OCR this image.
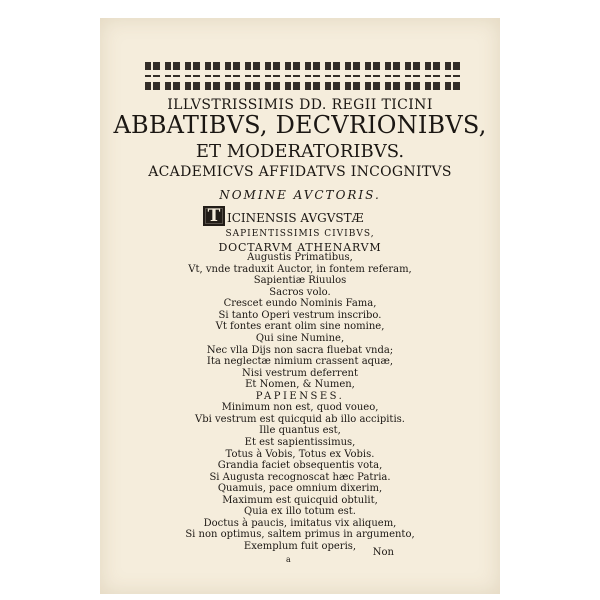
ILLVSTRISSIMIS DD. REGII TICINI
ABBATIBVS, DECVRIONIBVS,
ET MODERATORIBVS.
ACADEMICVS AFFIDATVS INCOGNITVS
NOMINE AVCTORIS.
T ICINENSIS AVGVSTÆ
SAPIENTISSIMIS CIVIBVS,
DOCTARVM ATHENARVM
Augustis Primatibus,
Vt, vnde traduxit Auctor, in fontem referam,
Sapientiæ Riuulos
Sacros volo.
Crescet eundo Nominis Fama,
Si tanto Operi vestrum inscribo.
Vt fontes erant olim sine nomine,
Qui sine Numine,
Nec vlla Dijs non sacra fluebat vnda;
Ita neglectæ nimium crassent aquæ,
Nisi vestrum deferrent
Et Nomen, & Numen,
PAPIENSES.
Minimum non est, quod voueo,
Vbi vestrum est quicquid ab illo accipitis.
Ille quantus est,
Et est sapientissimus,
Totus à Vobis, Totus ex Vobis.
Grandia faciet obsequentis vota,
Si Augusta recognoscat hæc Patria.
Quamuis, pace omnium dixerim,
Maximum est quicquid obtulit,
Quia ex illo totum est.
Doctus à paucis, imitatus vix aliquem,
Si non optimus, saltem primus in argumento,
Exemplum fuit operis,
Non
a
